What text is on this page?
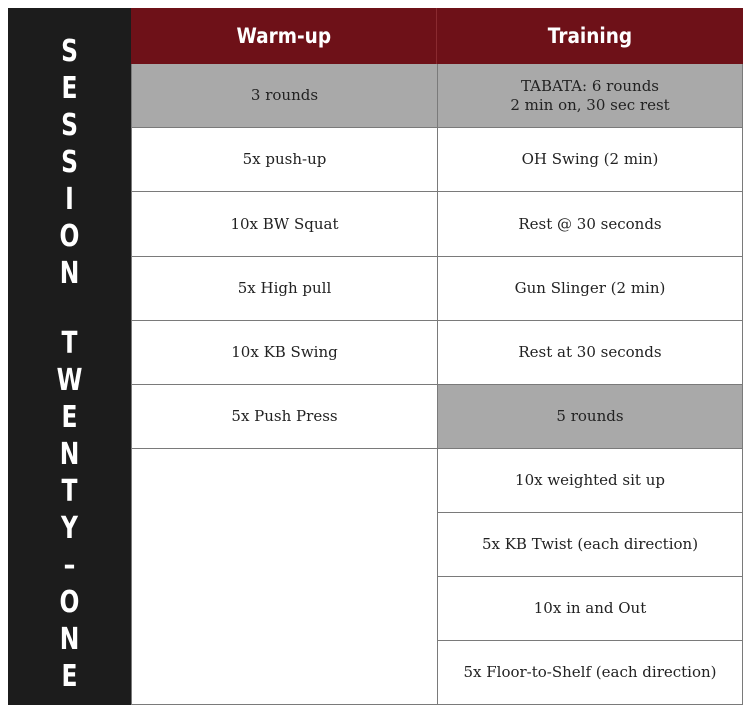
S
E
S
S
I
O
N
T
W
E
N
T
Y
–
O
N
E
Warm-up	Training
3 rounds
5x push-up
10x BW Squat
5x High pull
10x KB Swing
5x Push Press
TABATA: 6 rounds
2 min on, 30 sec rest
OH Swing (2 min)
Rest @ 30 seconds
Gun Slinger (2 min)
Rest at 30 seconds
5 rounds
10x weighted sit up
5x KB Twist (each direction)
10x in and Out
5x Floor-to-Shelf (each direction)
